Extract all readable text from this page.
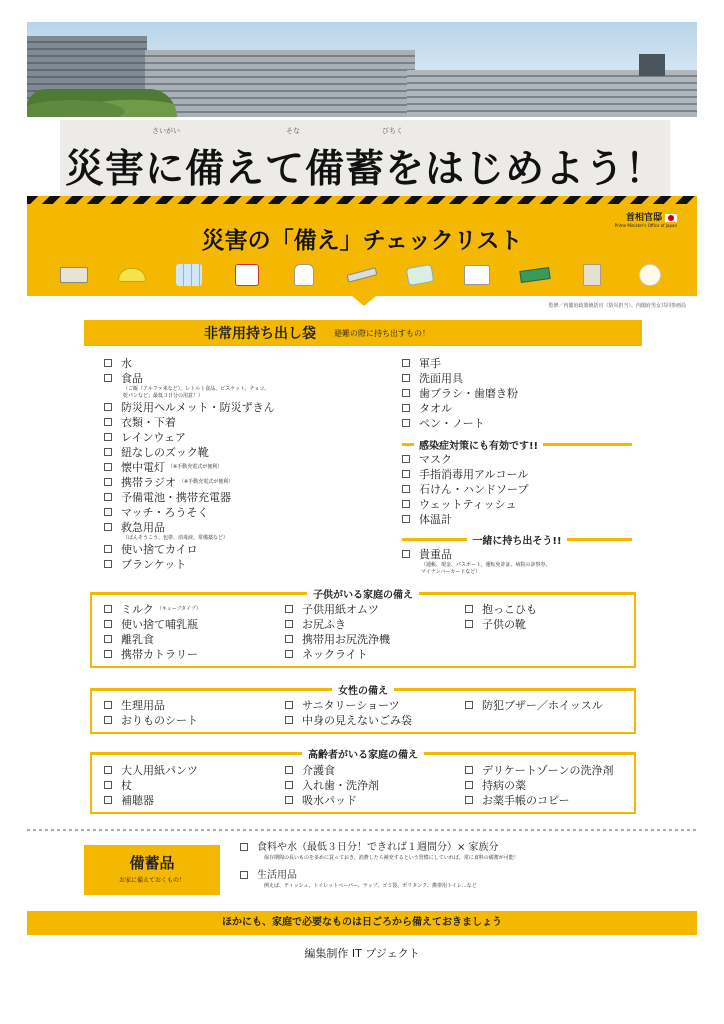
さいがい	そな	びちく
災害に備えて備蓄をはじめよう！
災害の「備え」チェックリスト
首相官邸
Prime Minister's Office of Japan
監修／内閣府政策統括官（防災担当）、内閣府男女共同参画局
非常用持ち出し袋 避難の際に持ち出すもの！
水
食品
（ご飯（アルファ米など）、レトルト食品、ビスケット、チョコ、
乾パンなど；最低３日分の用意！）
防災用ヘルメット・防災ずきん
衣類・下着
レインウェア
紐なしのズック靴
懐中電灯 （※手動充電式が便利）
携帯ラジオ （※手動充電式が便利）
予備電池・携帯充電器
マッチ・ろうそく
救急用品
（ばんそうこう、包帯、消毒液、常備薬など）
使い捨てカイロ
ブランケット
軍手
洗面用具
歯ブラシ・歯磨き粉
タオル
ペン・ノート
感染症対策にも有効です!!
マスク
手指消毒用アルコール
石けん・ハンドソープ
ウェットティッシュ
体温計
一緒に持ち出そう!!
貴重品
（通帳、現金、パスポート、運転免許証、病院の診察券、
マイナンバーカードなど）
子供がいる家庭の備え
ミルク （キューブタイプ）
使い捨て哺乳瓶
離乳食
携帯カトラリー
子供用紙オムツ
お尻ふき
携帯用お尻洗浄機
ネックライト
抱っこひも
子供の靴
女性の備え
生理用品
おりものシート
サニタリーショーツ
中身の見えないごみ袋
防犯ブザー／ホイッスル
高齢者がいる家庭の備え
大人用紙パンツ
杖
補聴器
介護食
入れ歯・洗浄剤
吸水パッド
デリケートゾーンの洗浄剤
持病の薬
お薬手帳のコピー
備蓄品
お家に備えておくもの！
食料や水（最低３日分！できれば１週間分）× 家族分
保存期間の長いものを多めに買っておき、消費したら補充するという習慣にしていれば、常に食料の備蓄が可能！
生活用品
例えば、ティッシュ、トイレットペーパー、ラップ、ゴミ袋、ポリタンク、携帯用トイレ…など
ほかにも、家庭で必要なものは日ごろから備えておきましょう
編集制作 IT プジェクト
